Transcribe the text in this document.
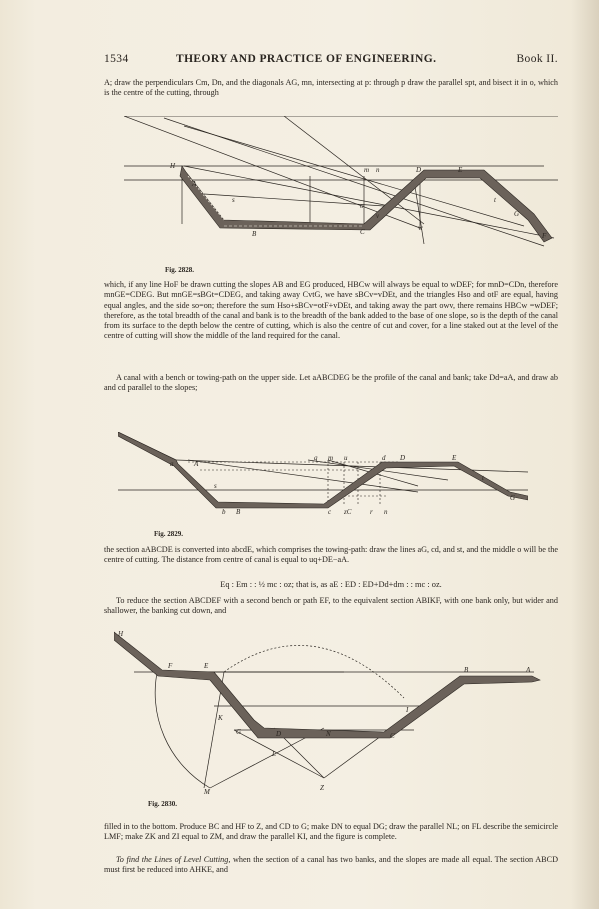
1534	THEORY AND PRACTICE OF ENGINEERING.	Book II.
A; draw the perpendiculars Cm, Dn, and the diagonals AG, mn, intersecting at p: through p draw the parallel spt, and bisect it in o, which is the centre of the cutting, through
H
A
s
B
m n	D	E
o
v
C	w
t
G
F
Fig. 2828.
which, if any line HoF be drawn cutting the slopes AB and EG produced, HBCw will always be equal to wDEF; for mnD=CDn, therefore mnGE=CDEG. But mnGE=sBGt=CDEG, and taking away CvtG, we have sBCv=vDEt, and the triangles Hso and otF are equal, having equal angles, and the side so=on; therefore the sum Hso+sBCv=otF+vDEt, and taking away the part owv, there remains HBCw =wDEF; therefore, as the total breadth of the canal and bank is to the breadth of the bank added to the base of one slope, so is the depth of the canal from its surface to the depth below the centre of cutting, which is also the centre of cut and cover, for a line staked out at the level of the centre of cutting will show the middle of the land required for the canal.
A canal with a bench or towing-path on the upper side. Let aABCDEG be the profile of the canal and bank; take Dd=aA, and draw ab and cd parallel to the slopes;
a	A
s
b B
q m u	d D	E
t
G
c zC	r n
Fig. 2829.
the section aABCDE is converted into abcdE, which comprises the towing-path: draw the lines aG, cd, and st, and the middle o will be the centre of cutting. The distance from centre of canal is equal to uq+DE−aA.
Eq : Em : : ½ mc : oz; that is, as aE : ED : ED+Dd+dm : : mc : oz.
To reduce the section ABCDEF with a second bench or path EF, to the equivalent section ABIKF, with one bank only, but wider and shallower, the banking cut down, and
F	E	B	A
K
I
G	D	N	C
L
M	Z
H
Fig. 2830.
filled in to the bottom. Produce BC and HF to Z, and CD to G; make DN to equal DG; draw the parallel NL; on FL describe the semicircle LMF; make ZK and ZI equal to ZM, and draw the parallel KI, and the figure is complete.
To find the Lines of Level Cutting, when the section of a canal has two banks, and the slopes are made all equal. The section ABCD must first be reduced into AHKE, and
